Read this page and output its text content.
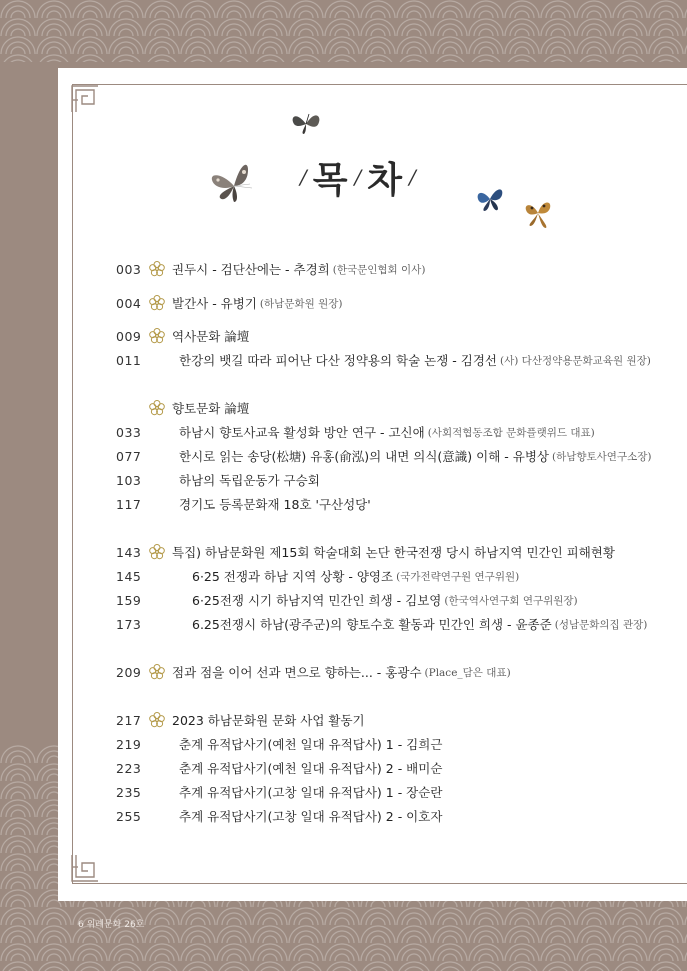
/ 목 / 차 /
003	권두시 - 검단산에는 - 추경희 (한국문인협회 이사)
004	발간사 - 유병기 (하남문화원 원장)
009	역사문화 論壇
011	한강의 뱃길 따라 피어난 다산 정약용의 학술 논쟁 - 김경선 (사) 다산정약용문화교육원 원장)
향토문화 論壇
033	하남시 향토사교육 활성화 방안 연구 - 고신애 (사회적협동조합 문화플랫위드 대표)
077	한시로 읽는 송당(松塘) 유홍(俞泓)의 내면 의식(意識) 이해 - 유병상 (하남향토사연구소장)
103	하남의 독립운동가 구승회
117	경기도 등록문화재 18호 '구산성당'
143	특집) 하남문화원 제15회 학술대회 논단 한국전쟁 당시 하남지역 민간인 피해현황
145	6·25 전쟁과 하남 지역 상황 - 양영조 (국가전략연구원 연구위원)
159	6·25전쟁 시기 하남지역 민간인 희생 - 김보영 (한국역사연구회 연구위원장)
173	6.25전쟁시 하남(광주군)의 향토수호 활동과 민간인 희생 - 윤종준 (성남문화의집 관장)
209	점과 점을 이어 선과 면으로 향하는... - 홍광수 (Place_담은 대표)
217	2023 하남문화원 문화 사업 활동기
219	춘계 유적답사기(예천 일대 유적답사) 1 - 김희근
223	춘계 유적답사기(예천 일대 유적답사) 2 - 배미순
235	추계 유적답사기(고창 일대 유적답사) 1 - 장순란
255	추계 유적답사기(고창 일대 유적답사) 2 - 이호자
6 위례문화 26호
